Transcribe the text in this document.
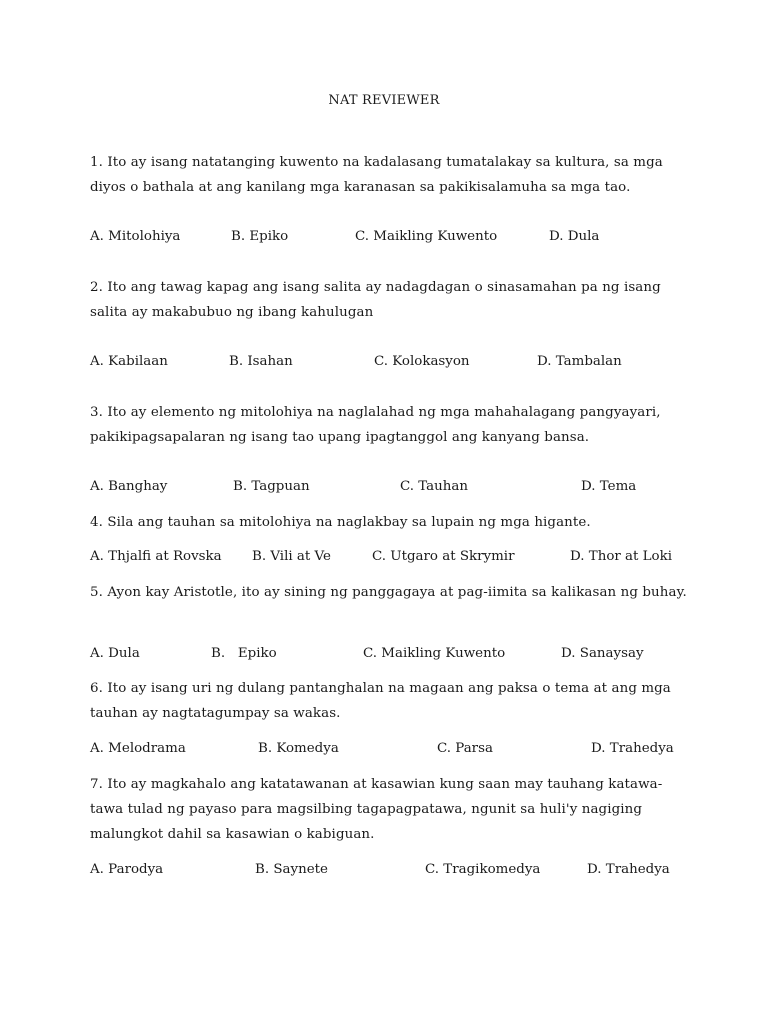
NAT REVIEWER
1. Ito ay isang natatanging kuwento na kadalasang tumatalakay sa kultura, sa mga diyos o bathala at ang kanilang mga karanasan sa pakikisalamuha sa mga tao.
A. Mitolohiya	B. Epiko	C. Maikling Kuwento	D. Dula
2. Ito ang tawag kapag ang isang salita ay nadagdagan o sinasamahan pa ng isang salita ay makabubuo ng ibang kahulugan
A. Kabilaan	B. Isahan	C. Kolokasyon	D. Tambalan
3. Ito ay elemento ng mitolohiya na naglalahad ng mga mahahalagang pangyayari, pakikipagsapalaran ng isang tao upang ipagtanggol ang kanyang bansa.
A. Banghay	B. Tagpuan	C. Tauhan	D. Tema
4. Sila ang tauhan sa mitolohiya na naglakbay sa lupain ng mga higante.
A. Thjalfi at Rovska B. Vili at Ve	C. Utgaro at Skrymir	D. Thor at Loki
5. Ayon kay Aristotle, ito ay sining ng panggagaya at pag-iimita sa kalikasan ng buhay.
A. Dula	B.   Epiko	C. Maikling Kuwento	D. Sanaysay
6. Ito ay isang uri ng dulang pantanghalan na magaan ang paksa o tema at ang mga tauhan ay nagtatagumpay sa wakas.
A. Melodrama	B. Komedya	C. Parsa	D. Trahedya
7. Ito ay magkahalo ang katatawanan at kasawian kung saan may tauhang katawa-tawa tulad ng payaso para magsilbing tagapagpatawa, ngunit sa huli'y nagiging malungkot dahil sa kasawian o kabiguan.
A. Parodya	B. Saynete	C. Tragikomedya	D. Trahedya
